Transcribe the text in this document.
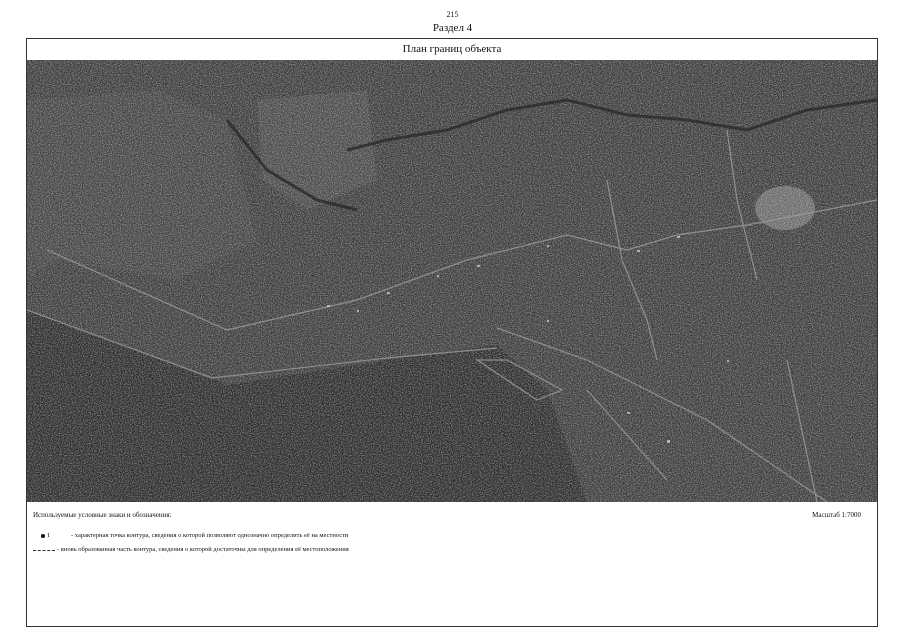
215
Раздел 4
План границ объекта
Используемые условные знаки и обозначения:	Масштаб 1:7000
1	- характерная точка контура, сведения о которой позволяют однозначно определить её на местности
- вновь образованная часть контура, сведения о которой достаточны для определения её местоположения
